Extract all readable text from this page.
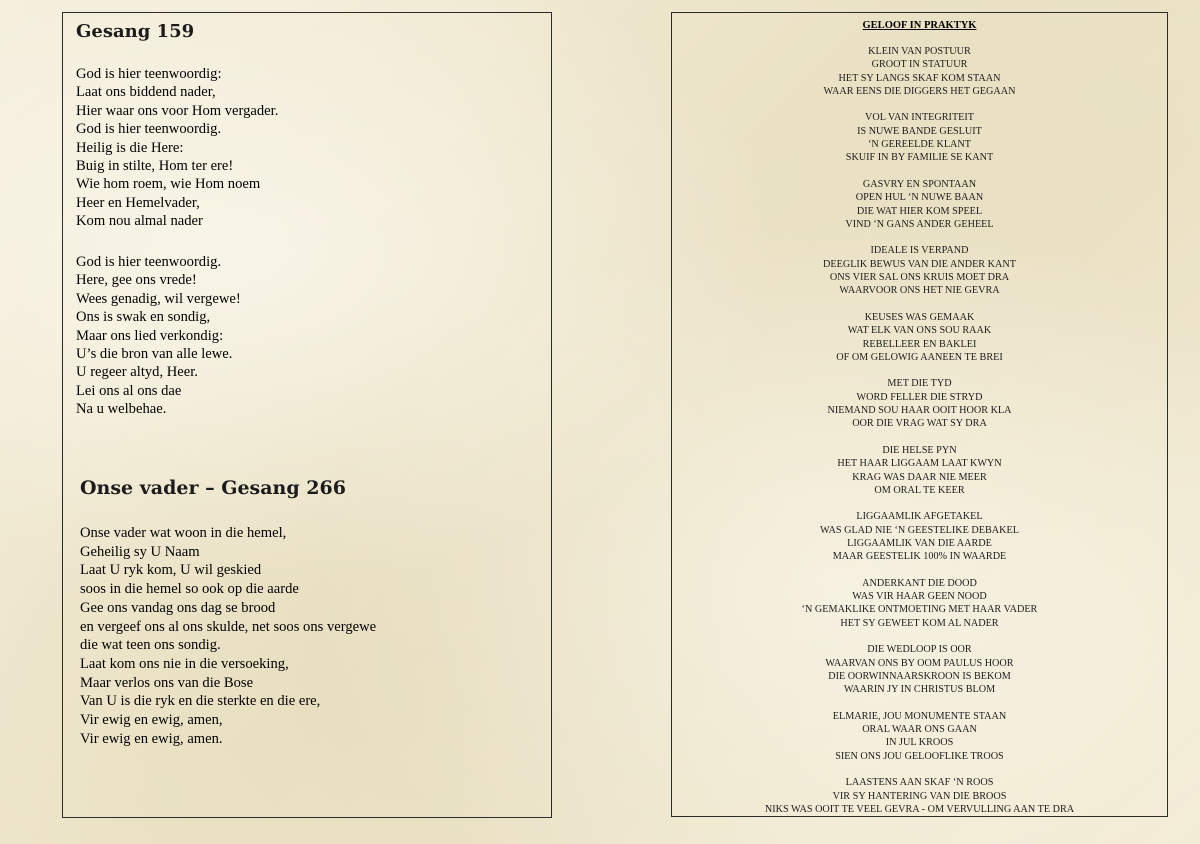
Gesang 159
God is hier teenwoordig:
Laat ons biddend nader,
Hier waar ons voor Hom vergader.
God is hier teenwoordig.
Heilig is die Here:
Buig in stilte, Hom ter ere!
Wie hom roem, wie Hom noem
Heer en Hemelvader,
Kom nou almal nader
God is hier teenwoordig.
Here, gee ons vrede!
Wees genadig, wil vergewe!
Ons is swak en sondig,
Maar ons lied verkondig:
U’s die bron van alle lewe.
U regeer altyd, Heer.
Lei ons al ons dae
Na u welbehae.
Onse vader – Gesang 266
Onse vader wat woon in die hemel,
Geheilig sy U Naam
Laat U ryk kom, U wil geskied
soos in die hemel so ook op die aarde
Gee ons vandag ons dag se brood
en vergeef ons al ons skulde, net soos ons vergewe
die wat teen ons sondig.
Laat kom ons nie in die versoeking,
Maar verlos ons van die Bose
Van U is die ryk en die sterkte en die ere,
Vir ewig en ewig, amen,
Vir ewig en ewig, amen.
GELOOF IN PRAKTYK
KLEIN VAN POSTUUR
GROOT IN STATUUR
HET SY LANGS SKAF KOM STAAN
WAAR EENS DIE DIGGERS HET GEGAAN
VOL VAN INTEGRITEIT
IS NUWE BANDE GESLUIT
‘N GEREELDE KLANT
SKUIF IN BY FAMILIE SE KANT
GASVRY EN SPONTAAN
OPEN HUL ‘N NUWE BAAN
DIE WAT HIER KOM SPEEL
VIND ‘N GANS ANDER GEHEEL
IDEALE IS VERPAND
DEEGLIK BEWUS VAN DIE ANDER KANT
ONS VIER SAL ONS KRUIS MOET DRA
WAARVOOR ONS HET NIE GEVRA
KEUSES WAS GEMAAK
WAT ELK VAN ONS SOU RAAK
REBELLEER EN BAKLEI
OF OM GELOWIG AANEEN TE BREI
MET DIE TYD
WORD FELLER DIE STRYD
NIEMAND SOU HAAR OOIT HOOR KLA
OOR DIE VRAG WAT SY DRA
DIE HELSE PYN
HET HAAR LIGGAAM LAAT KWYN
KRAG WAS DAAR NIE MEER
OM ORAL TE KEER
LIGGAAMLIK AFGETAKEL
WAS GLAD NIE ‘N GEESTELIKE DEBAKEL
LIGGAAMLIK VAN DIE AARDE
MAAR GEESTELIK 100% IN WAARDE
ANDERKANT DIE DOOD
WAS VIR HAAR GEEN NOOD
‘N GEMAKLIKE ONTMOETING MET HAAR VADER
HET SY GEWEET KOM AL NADER
DIE WEDLOOP IS OOR
WAARVAN ONS BY OOM PAULUS HOOR
DIE OORWINNAARSKROON IS BEKOM
WAARIN JY IN CHRISTUS BLOM
ELMARIE, JOU MONUMENTE STAAN
ORAL WAAR ONS GAAN
IN JUL KROOS
SIEN ONS JOU GELOOFLIKE TROOS
LAASTENS AAN SKAF ‘N ROOS
VIR SY HANTERING VAN DIE BROOS
NIKS WAS OOIT TE VEEL GEVRA - OM VERVULLING AAN TE DRA
